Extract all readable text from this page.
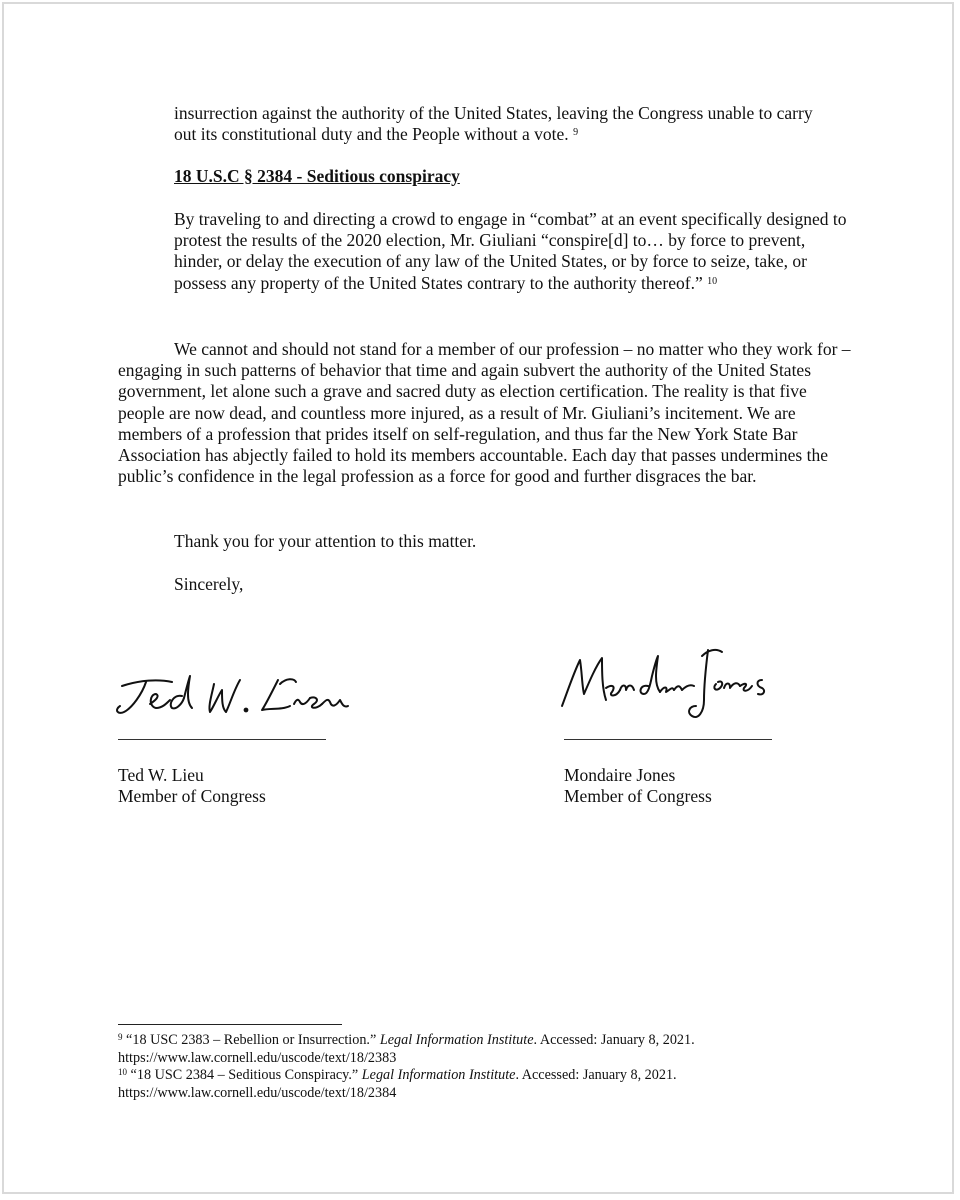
insurrection against the authority of the United States, leaving the Congress unable to carry out its constitutional duty and the People without a vote. $^9$

18 U.S.C § 2384 - Seditious conspiracy

By traveling to and directing a crowd to engage in “combat” at an event specifically designed to protest the results of the 2020 election, Mr. Giuliani “conspire[d] to… by force to prevent, hinder, or delay the execution of any law of the United States, or by force to seize, take, or possess any property of the United States contrary to the authority thereof.” $^{10}$

We cannot and should not stand for a member of our profession – no matter who they work for – engaging in such patterns of behavior that time and again subvert the authority of the United States government, let alone such a grave and sacred duty as election certification. The reality is that five people are now dead, and countless more injured, as a result of Mr. Giuliani’s incitement. We are members of a profession that prides itself on self-regulation, and thus far the New York State Bar Association has abjectly failed to hold its members accountable. Each day that passes undermines the public’s confidence in the legal profession as a force for good and further disgraces the bar.

Thank you for your attention to this matter.

Sincerely,

Ted W. Lieu
Member of Congress
Mondaire Jones
Member of Congress

$^9$ “18 USC 2383 – Rebellion or Insurrection.” Legal Information Institute. Accessed: January 8, 2021.
https://www.law.cornell.edu/uscode/text/18/2383

$^{10}$ “18 USC 2384 – Seditious Conspiracy.” Legal Information Institute. Accessed: January 8, 2021.
https://www.law.cornell.edu/uscode/text/18/2384
